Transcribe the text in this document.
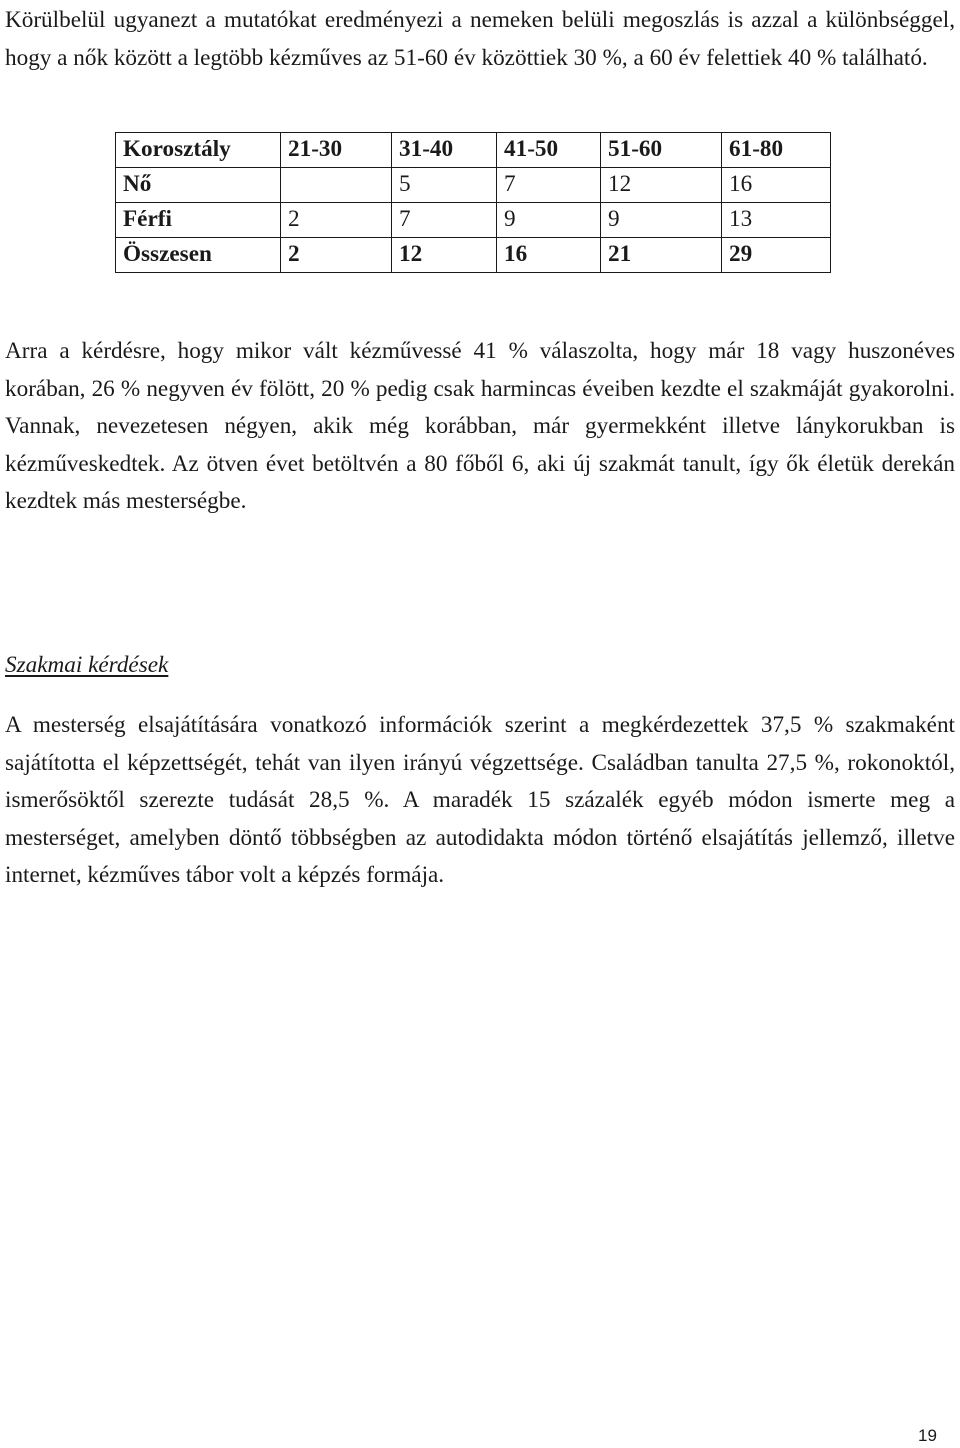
Körülbelül ugyanezt a mutatókat eredményezi a nemeken belüli megoszlás is azzal a különbséggel, hogy a nők között a legtöbb kézműves az 51-60 év közöttiek 30 %, a 60 év felettiek 40 % található.

Korosztály	21-30	31-40	41-50	51-60	61-80
Nő		5	7	12	16
Férfi	2	7	9	9	13
Összesen	2	12	16	21	29

Arra a kérdésre, hogy mikor vált kézművessé 41 % válaszolta, hogy már 18 vagy huszonéves korában, 26 % negyven év fölött, 20 % pedig csak harmincas éveiben kezdte el szakmáját gyakorolni. Vannak, nevezetesen négyen, akik még korábban, már gyermekként illetve lánykorukban is kézműveskedtek. Az ötven évet betöltvén a 80 főből 6, aki új szakmát tanult, így ők életük derekán kezdtek más mesterségbe.

Szakmai kérdések

A mesterség elsajátítására vonatkozó információk szerint a megkérdezettek 37,5 % szakmaként sajátította el képzettségét, tehát van ilyen irányú végzettsége. Családban tanulta 27,5 %, rokonoktól, ismerősöktől szerezte tudását 28,5 %. A maradék 15 százalék egyéb módon ismerte meg a mesterséget, amelyben döntő többségben az autodidakta módon történő elsajátítás jellemző, illetve internet, kézműves tábor volt a képzés formája.

19
